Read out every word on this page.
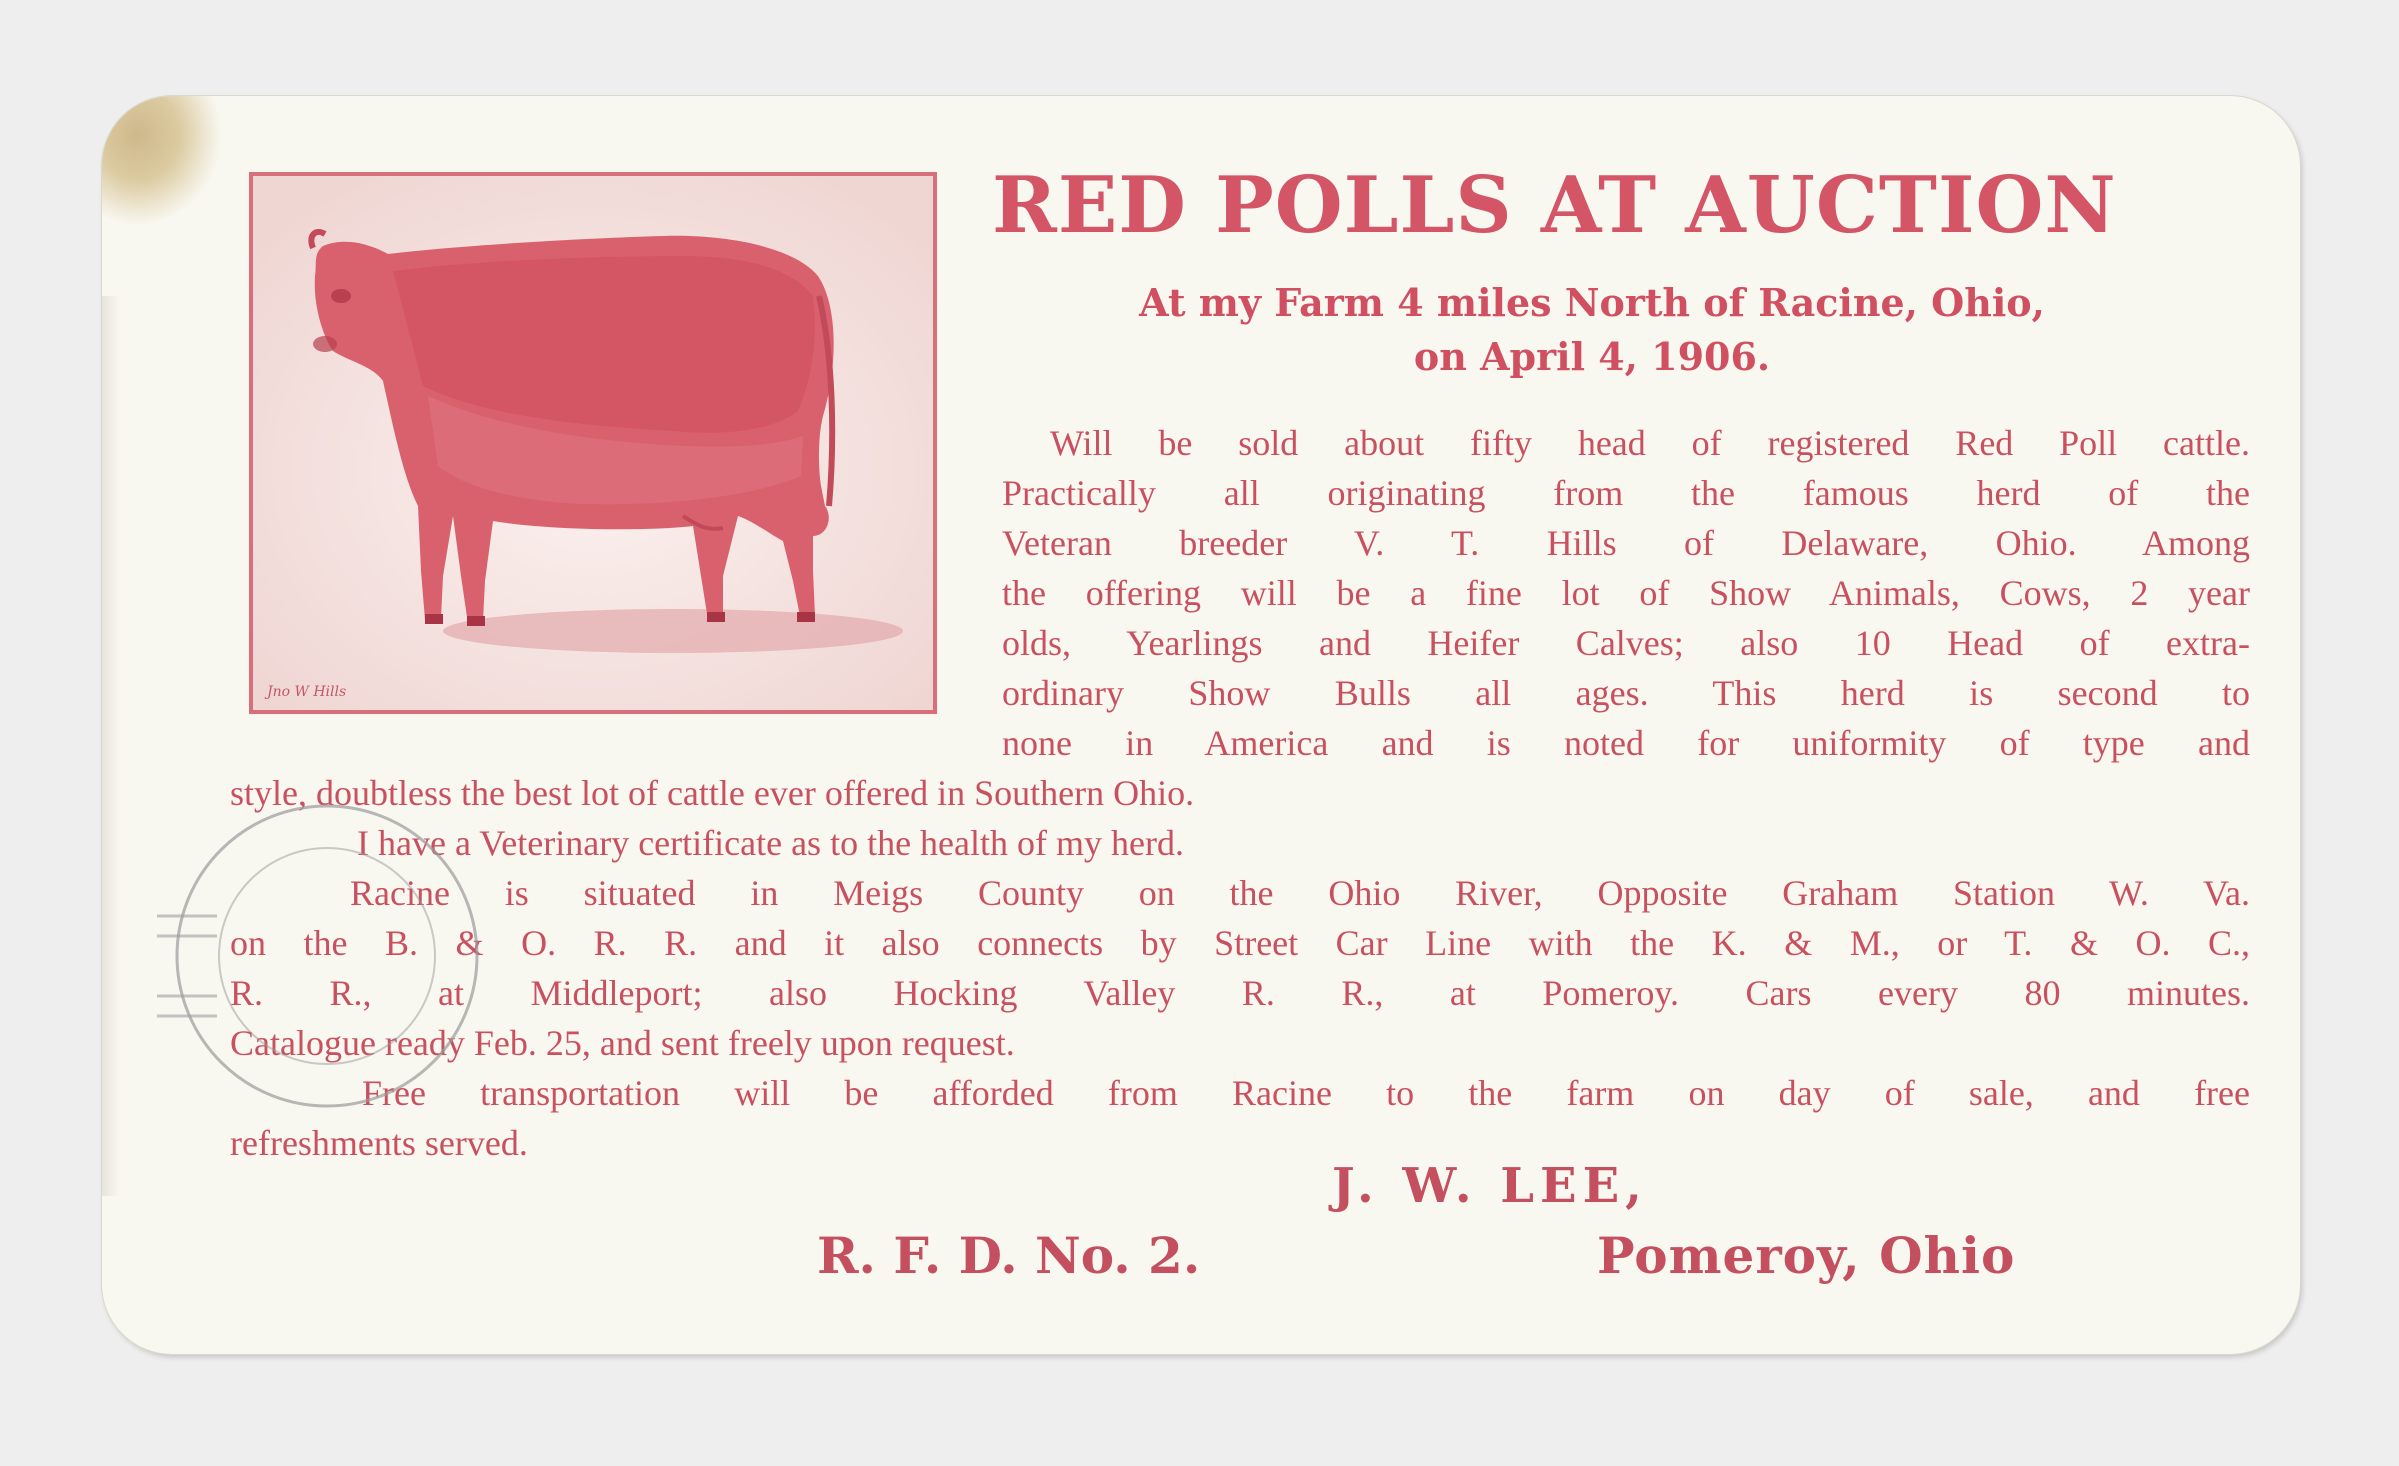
Jno W Hills
RED POLLS AT AUCTION
At my Farm 4 miles North of Racine, Ohio,
on April 4, 1906.
Will be sold about fifty head of registered Red Poll cattle.
Practically all originating from the famous herd of the
Veteran breeder V. T. Hills of Delaware, Ohio. Among
the offering will be a fine lot of Show Animals, Cows, 2 year
olds, Yearlings and Heifer Calves; also 10 Head of extra-
ordinary Show Bulls all ages. This herd is second to
none in America and is noted for uniformity of type and
style, doubtless the best lot of cattle ever offered in Southern Ohio.
I have a Veterinary certificate as to the health of my herd.
Racine is situated in Meigs County on the Ohio River, Opposite Graham Station W. Va.
on the B. & O. R. R. and it also connects by Street Car Line with the K. & M., or T. & O. C.,
R. R., at Middleport; also Hocking Valley R. R., at Pomeroy. Cars every 80 minutes.
Catalogue ready Feb. 25, and sent freely upon request.
Free transportation will be afforded from Racine to the farm on day of sale, and free
refreshments served.
J. W. LEE,
R. F. D. No. 2.	Pomeroy, Ohio
